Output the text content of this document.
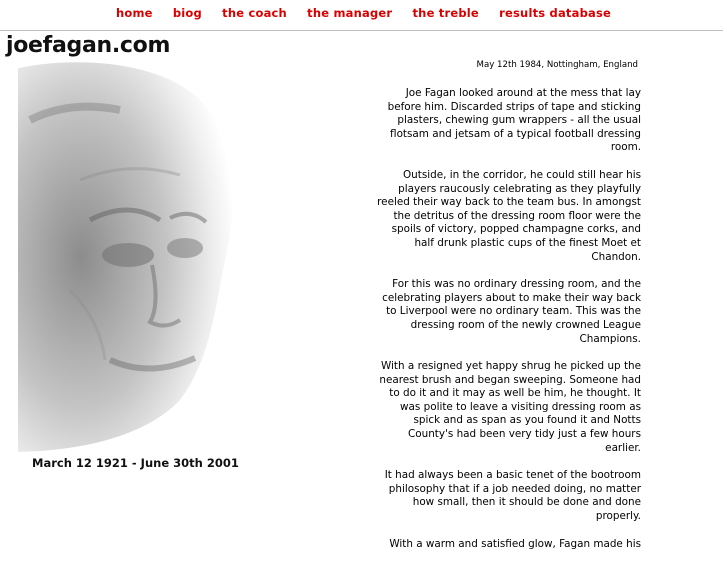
home biog the coach the manager the treble results database
joefagan.com
March 12 1921 - June 30th 2001
May 12th 1984, Nottingham, England

Joe Fagan looked around at the mess that lay before him. Discarded strips of tape and sticking plasters, chewing gum wrappers - all the usual flotsam and jetsam of a typical football dressing room.

Outside, in the corridor, he could still hear his players raucously celebrating as they playfully reeled their way back to the team bus. In amongst the detritus of the dressing room floor were the spoils of victory, popped champagne corks, and half drunk plastic cups of the finest Moet et Chandon.

For this was no ordinary dressing room, and the celebrating players about to make their way back to Liverpool were no ordinary team. This was the dressing room of the newly crowned League Champions.

With a resigned yet happy shrug he picked up the nearest brush and began sweeping. Someone had to do it and it may as well be him, he thought. It was polite to leave a visiting dressing room as spick and as span as you found it and Notts County's had been very tidy just a few hours earlier.

It had always been a basic tenet of the bootroom philosophy that if a job needed doing, no matter how small, then it should be done and done properly.

With a warm and satisfied glow, Fagan made his
